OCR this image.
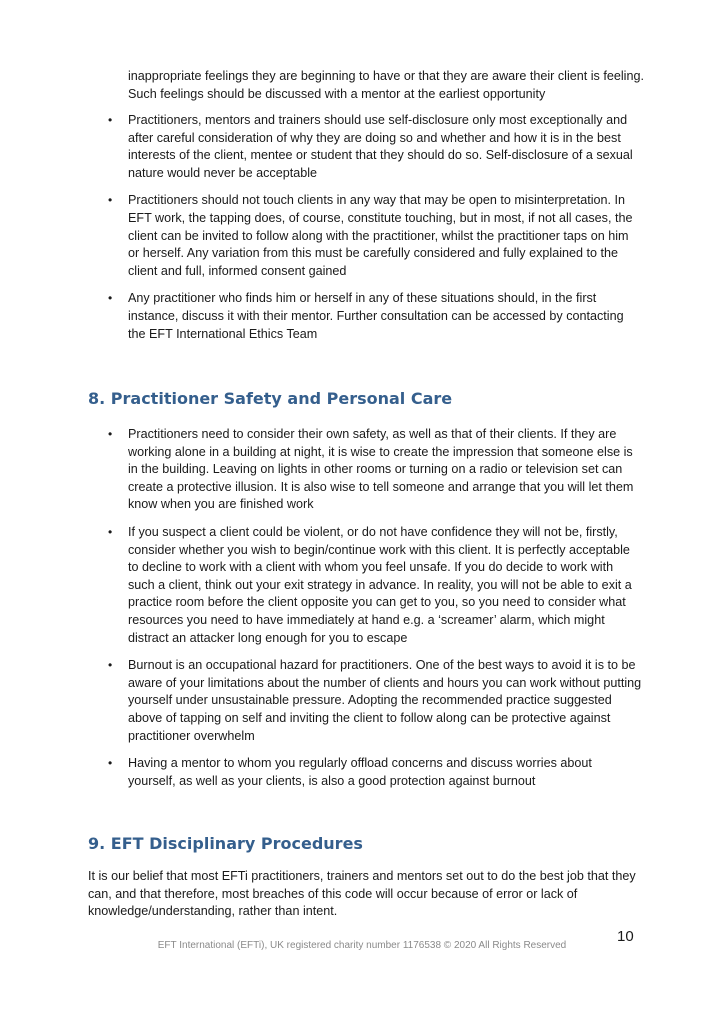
inappropriate feelings they are beginning to have or that they are aware their client is feeling. Such feelings should be discussed with a mentor at the earliest opportunity

• Practitioners, mentors and trainers should use self-disclosure only most exceptionally and after careful consideration of why they are doing so and whether and how it is in the best interests of the client, mentee or student that they should do so. Self-disclosure of a sexual nature would never be acceptable
• Practitioners should not touch clients in any way that may be open to misinterpretation. In EFT work, the tapping does, of course, constitute touching, but in most, if not all cases, the client can be invited to follow along with the practitioner, whilst the practitioner taps on him or herself. Any variation from this must be carefully considered and fully explained to the client and full, informed consent gained
• Any practitioner who finds him or herself in any of these situations should, in the first instance, discuss it with their mentor. Further consultation can be accessed by contacting the EFT International Ethics Team
8. Practitioner Safety and Personal Care
• Practitioners need to consider their own safety, as well as that of their clients. If they are working alone in a building at night, it is wise to create the impression that someone else is in the building. Leaving on lights in other rooms or turning on a radio or television set can create a protective illusion. It is also wise to tell someone and arrange that you will let them know when you are finished work
• If you suspect a client could be violent, or do not have confidence they will not be, firstly, consider whether you wish to begin/continue work with this client. It is perfectly acceptable to decline to work with a client with whom you feel unsafe. If you do decide to work with such a client, think out your exit strategy in advance. In reality, you will not be able to exit a practice room before the client opposite you can get to you, so you need to consider what resources you need to have immediately at hand e.g. a ‘screamer’ alarm, which might distract an attacker long enough for you to escape
• Burnout is an occupational hazard for practitioners. One of the best ways to avoid it is to be aware of your limitations about the number of clients and hours you can work without putting yourself under unsustainable pressure. Adopting the recommended practice suggested above of tapping on self and inviting the client to follow along can be protective against practitioner overwhelm
• Having a mentor to whom you regularly offload concerns and discuss worries about yourself, as well as your clients, is also a good protection against burnout
9. EFT Disciplinary Procedures

It is our belief that most EFTi practitioners, trainers and mentors set out to do the best job that they can, and that therefore, most breaches of this code will occur because of error or lack of knowledge/understanding, rather than intent.

10
EFT International (EFTi), UK registered charity number 1176538 © 2020 All Rights Reserved
